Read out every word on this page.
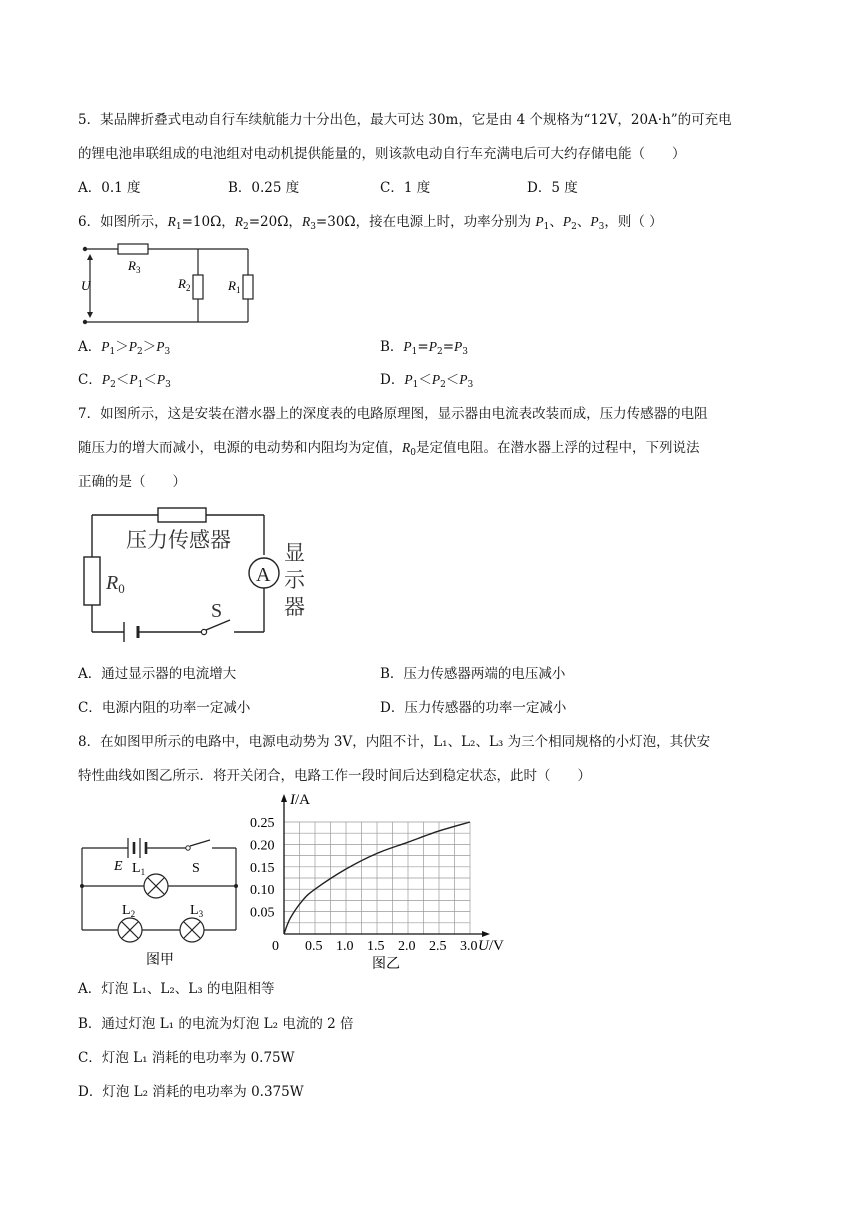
5．某品牌折叠式电动自行车续航能力十分出色，最大可达 30m，它是由 4 个规格为“12V，20A·h”的可充电
的锂电池串联组成的电池组对电动机提供能量的，则该款电动自行车充满电后可大约存储电能（　　）
A．0.1 度	B．0.25 度	C．1 度	D．5 度
6．如图所示，$R_1=10\Omega$，$R_2=20\Omega$，$R_3=30\Omega$，接在电源上时，功率分别为 $P_1$、$P_2$、$P_3$，则（ ）
U
$R_3$
$R_2$	$R_1$
A．$P_1>P_2>P_3$	B．$P_1=P_2=P_3$
C．$P_2<P_1<P_3$	D．$P_1<P_2<P_3$
7．如图所示，这是安装在潜水器上的深度表的电路原理图，显示器由电流表改装而成，压力传感器的电阻
随压力的增大而减小，电源的电动势和内阻均为定值，$R_0$是定值电阻。在潜水器上浮的过程中，下列说法
正确的是（　　）
压力传感器
A
显
示
器
$R_0$
S
A．通过显示器的电流增大	B．压力传感器两端的电压减小
C．电源内阻的功率一定减小	D．压力传感器的功率一定减小
8．在如图甲所示的电路中，电源电动势为 3V，内阻不计，L₁、L₂、L₃ 为三个相同规格的小灯泡，其伏安
特性曲线如图乙所示．将开关闭合，电路工作一段时间后达到稳定状态，此时（　　）
E	S
$L_1$
$L_2$	$L_3$
图甲
0.5 1.0 1.5 2.0 2.5 3.0
0.05
0.10
0.15
0.20
0.25
I/A
U/V
0
图乙
A．灯泡 L₁、L₂、L₃ 的电阻相等
B．通过灯泡 L₁ 的电流为灯泡 L₂ 电流的 2 倍
C．灯泡 L₁ 消耗的电功率为 0.75W
D．灯泡 L₂ 消耗的电功率为 0.375W
